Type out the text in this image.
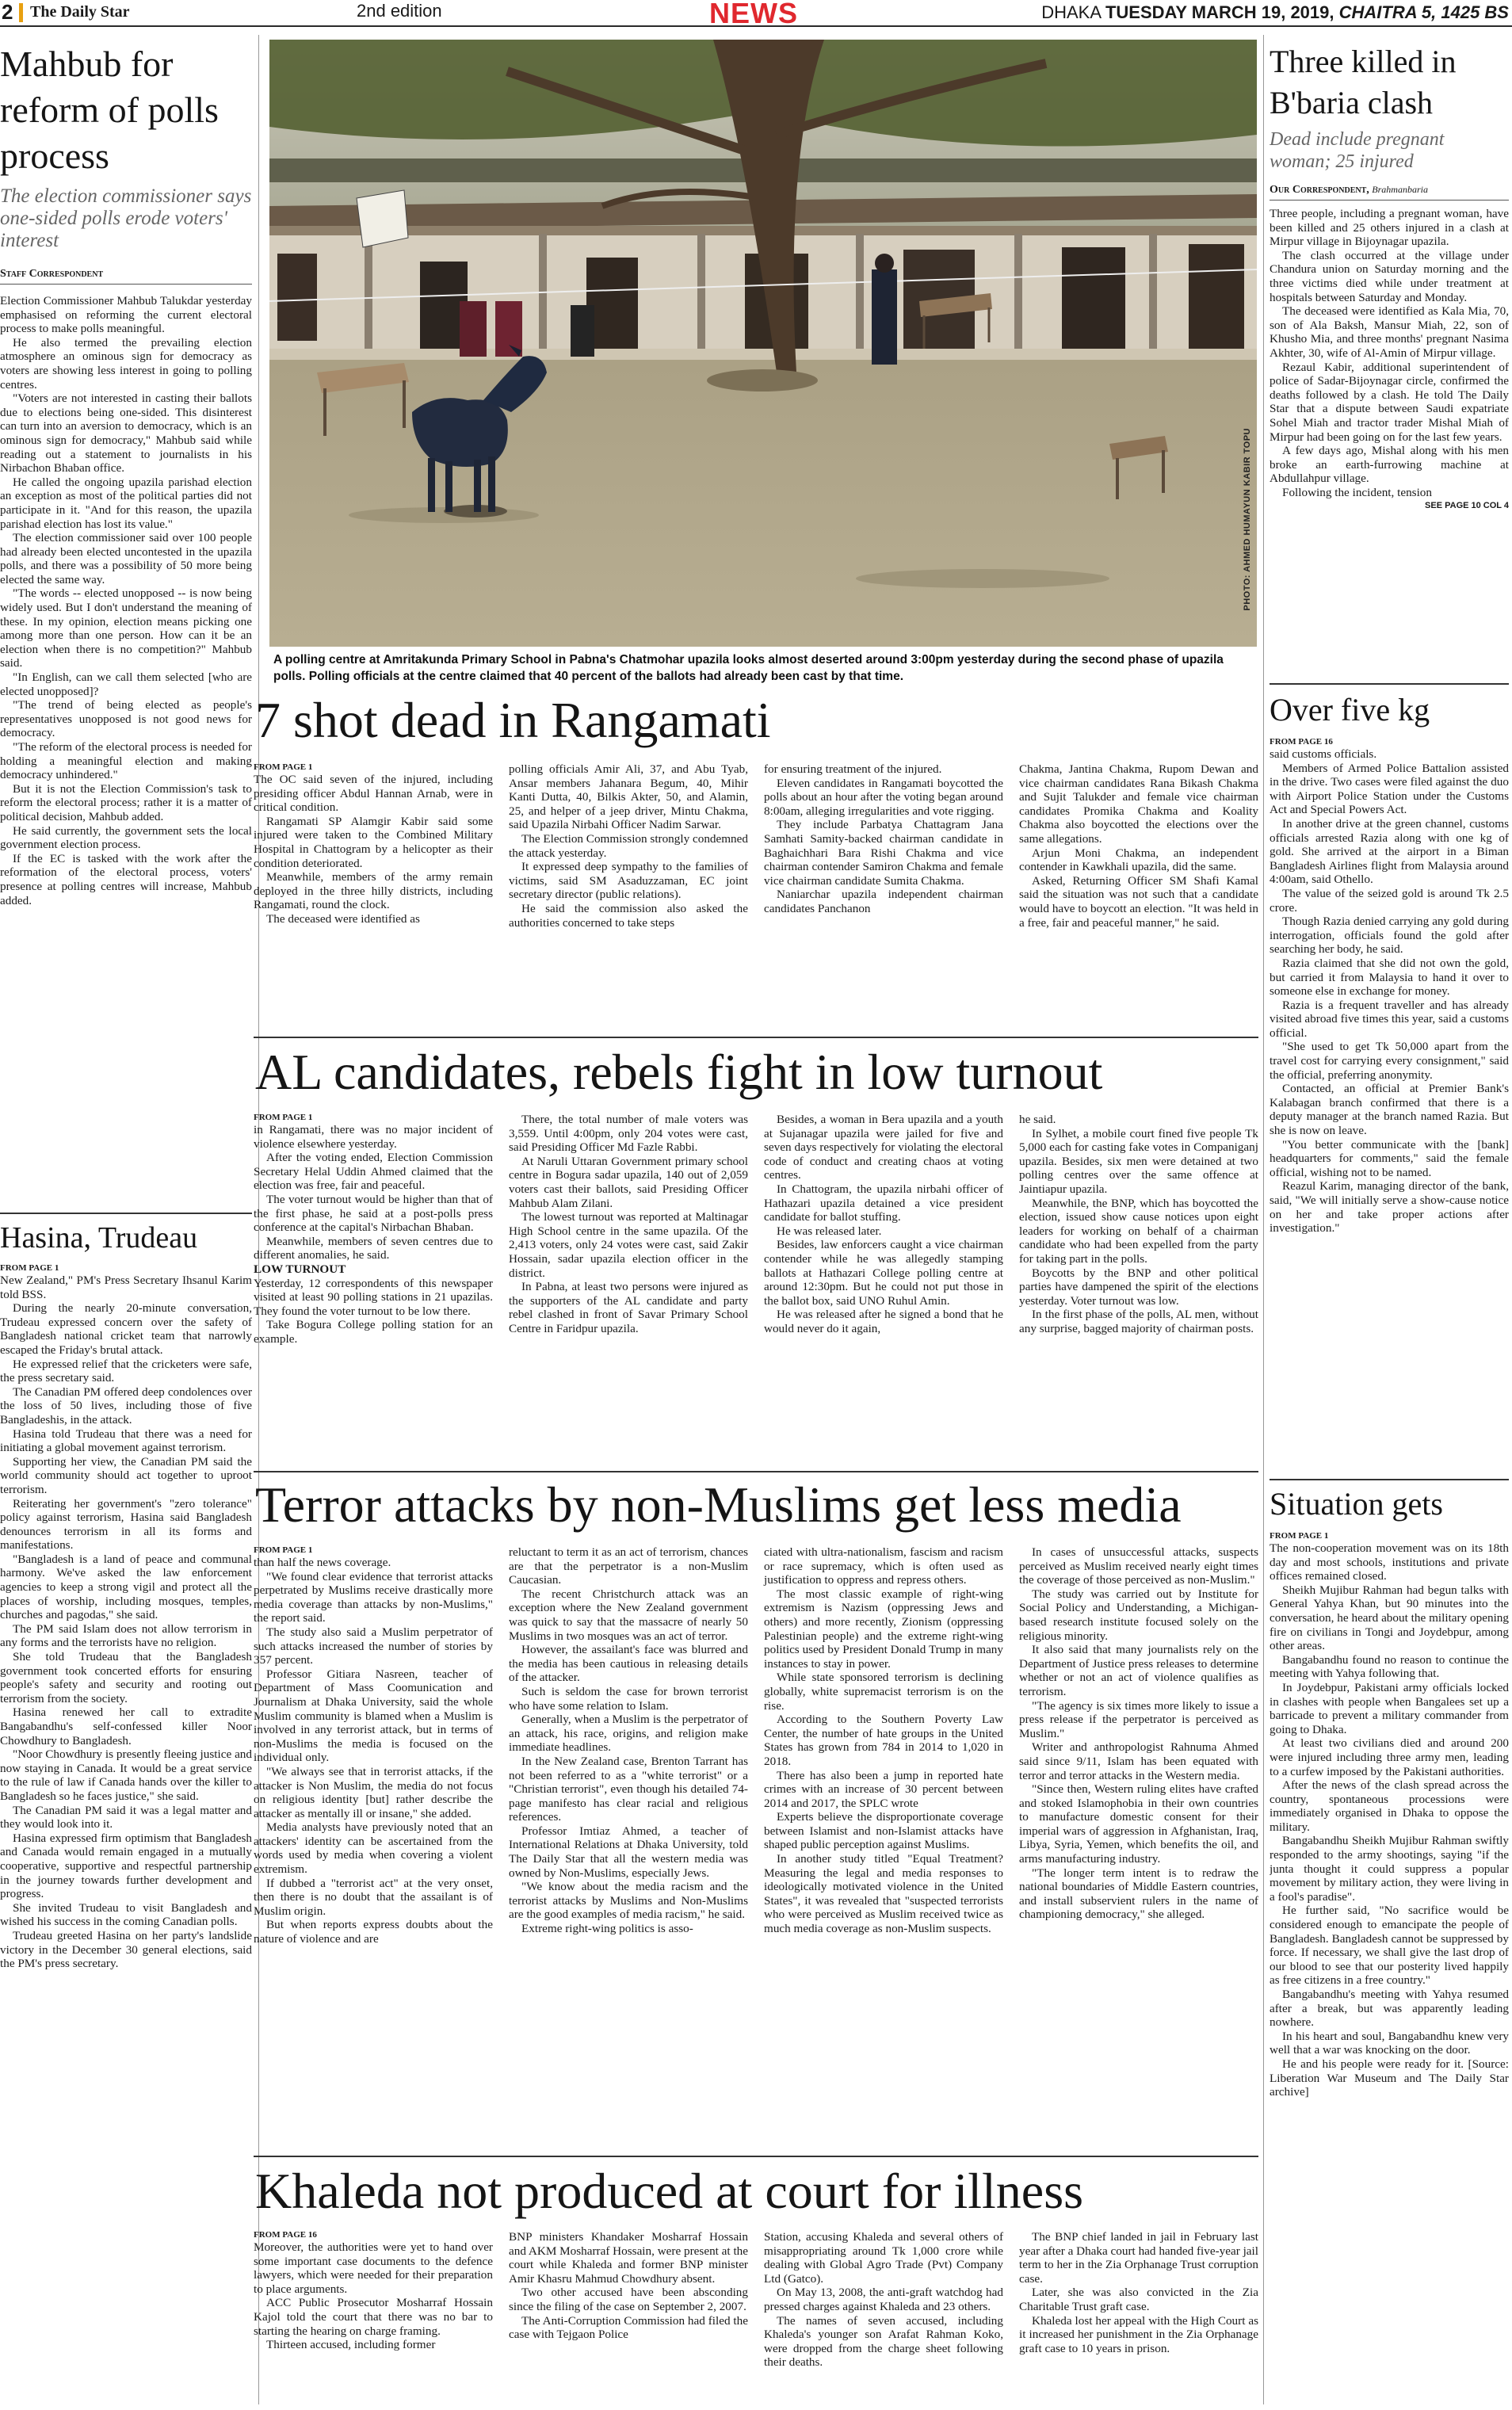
2 The Daily Star	2nd edition	NEWS	DHAKA TUESDAY MARCH 19, 2019, CHAITRA 5, 1425 BS
Mahbub for reform of polls process
The election commissioner says one-sided polls erode voters' interest
Staff Correspondent

Election Commissioner Mahbub Talukdar yesterday emphasised on reforming the current electoral process to make polls meaningful.

He also termed the prevailing election atmosphere an ominous sign for democracy as voters are showing less interest in going to polling centres.

"Voters are not interested in casting their ballots due to elections being one-sided. This disinterest can turn into an aversion to democracy, which is an ominous sign for democracy," Mahbub said while reading out a statement to journalists in his Nirbachon Bhaban office.

He called the ongoing upazila parishad election an exception as most of the political parties did not participate in it. "And for this reason, the upazila parishad election has lost its value."

The election commissioner said over 100 people had already been elected uncontested in the upazila polls, and there was a possibility of 50 more being elected the same way.

"The words -- elected unopposed -- is now being widely used. But I don't understand the meaning of these. In my opinion, election means picking one among more than one person. How can it be an election when there is no competition?" Mahbub said.

"In English, can we call them selected [who are elected unopposed]?

"The trend of being elected as people's representatives unopposed is not good news for democracy.

"The reform of the electoral process is needed for holding a meaningful election and making democracy unhindered."

But it is not the Election Commission's task to reform the electoral process; rather it is a matter of political decision, Mahbub added.

He said currently, the government sets the local government election process.

If the EC is tasked with the work after the reformation of the electoral process, voters' presence at polling centres will increase, Mahbub added.

Hasina, Trudeau
FROM PAGE 1

New Zealand," PM's Press Secretary Ihsanul Karim told BSS.

During the nearly 20-minute conversation, Trudeau expressed concern over the safety of Bangladesh national cricket team that narrowly escaped the Friday's brutal attack.

He expressed relief that the cricketers were safe, the press secretary said.

The Canadian PM offered deep condolences over the loss of 50 lives, including those of five Bangladeshis, in the attack.

Hasina told Trudeau that there was a need for initiating a global movement against terrorism.

Supporting her view, the Canadian PM said the world community should act together to uproot terrorism.

Reiterating her government's "zero tolerance" policy against terrorism, Hasina said Bangladesh denounces terrorism in all its forms and manifestations.

"Bangladesh is a land of peace and communal harmony. We've asked the law enforcement agencies to keep a strong vigil and protect all the places of worship, including mosques, temples, churches and pagodas," she said.

The PM said Islam does not allow terrorism in any forms and the terrorists have no religion.

She told Trudeau that the Bangladesh government took concerted efforts for ensuring people's safety and security and rooting out terrorism from the society.

Hasina renewed her call to extradite Bangabandhu's self-confessed killer Noor Chowdhury to Bangladesh.

"Noor Chowdhury is presently fleeing justice and now staying in Canada. It would be a great service to the rule of law if Canada hands over the killer to Bangladesh so he faces justice," she said.

The Canadian PM said it was a legal matter and they would look into it.

Hasina expressed firm optimism that Bangladesh and Canada would remain engaged in a mutually cooperative, supportive and respectful partnership in the journey towards further development and progress.

She invited Trudeau to visit Bangladesh and wished his success in the coming Canadian polls.

Trudeau greeted Hasina on her party's landslide victory in the December 30 general elections, said the PM's press secretary.

PHOTO: AHMED HUMAYUN KABIR TOPU
A polling centre at Amritakunda Primary School in Pabna's Chatmohar upazila looks almost deserted around 3:00pm yesterday during the second phase of upazila polls. Polling officials at the centre claimed that 40 percent of the ballots had already been cast by that time.
7 shot dead in Rangamati
FROM PAGE 1

The OC said seven of the injured, including presiding officer Abdul Hannan Arnab, were in critical condition.

Rangamati SP Alamgir Kabir said some injured were taken to the Combined Military Hospital in Chattogram by a helicopter as their condition deteriorated.

Meanwhile, members of the army remain deployed in the three hilly districts, including Rangamati, round the clock.

The deceased were identified as

polling officials Amir Ali, 37, and Abu Tyab, Ansar members Jahanara Begum, 40, Mihir Kanti Dutta, 40, Bilkis Akter, 50, and Alamin, 25, and helper of a jeep driver, Mintu Chakma, said Upazila Nirbahi Officer Nadim Sarwar.

The Election Commission strongly condemned the attack yesterday.

It expressed deep sympathy to the families of victims, said SM Asaduzzaman, EC joint secretary director (public relations).

He said the commission also asked the authorities concerned to take steps

for ensuring treatment of the injured.

Eleven candidates in Rangamati boycotted the polls about an hour after the voting began around 8:00am, alleging irregularities and vote rigging.

They include Parbatya Chattagram Jana Samhati Samity-backed chairman candidate in Baghaichhari Bara Rishi Chakma and vice chairman contender Samiron Chakma and female vice chairman candidate Sumita Chakma.

Naniarchar upazila independent chairman candidates Panchanon

Chakma, Jantina Chakma, Rupom Dewan and vice chairman candidates Rana Bikash Chakma and Sujit Talukder and female vice chairman candidates Promika Chakma and Koality Chakma also boycotted the elections over the same allegations.

Arjun Moni Chakma, an independent contender in Kawkhali upazila, did the same.

Asked, Returning Officer SM Shafi Kamal said the situation was not such that a candidate would have to boycott an election. "It was held in a free, fair and peaceful manner," he said.

AL candidates, rebels fight in low turnout
FROM PAGE 1

in Rangamati, there was no major incident of violence elsewhere yesterday.

After the voting ended, Election Commission Secretary Helal Uddin Ahmed claimed that the election was free, fair and peaceful.

The voter turnout would be higher than that of the first phase, he said at a post-polls press conference at the capital's Nirbachan Bhaban.

Meanwhile, members of seven centres due to different anomalies, he said.

LOW TURNOUT

Yesterday, 12 correspondents of this newspaper visited at least 90 polling stations in 21 upazilas. They found the voter turnout to be low there.

Take Bogura College polling station for an example.

There, the total number of male voters was 3,559. Until 4:00pm, only 204 votes were cast, said Presiding Officer Md Fazle Rabbi.

At Naruli Uttaran Government primary school centre in Bogura sadar upazila, 140 out of 2,059 voters cast their ballots, said Presiding Officer Mahbub Alam Zilani.

The lowest turnout was reported at Maltinagar High School centre in the same upazila. Of the 2,413 voters, only 24 votes were cast, said Zakir Hossain, sadar upazila election officer in the district.

In Pabna, at least two persons were injured as the supporters of the AL candidate and party rebel clashed in front of Savar Primary School Centre in Faridpur upazila.

Besides, a woman in Bera upazila and a youth at Sujanagar upazila were jailed for five and seven days respectively for violating the electoral code of conduct and creating chaos at voting centres.

In Chattogram, the upazila nirbahi officer of Hathazari upazila detained a vice president candidate for ballot stuffing.

He was released later.

Besides, law enforcers caught a vice chairman contender while he was allegedly stamping ballots at Hathazari College polling centre at around 12:30pm. But he could not put those in the ballot box, said UNO Ruhul Amin.

He was released after he signed a bond that he would never do it again,

he said.

In Sylhet, a mobile court fined five people Tk 5,000 each for casting fake votes in Companiganj upazila. Besides, six men were detained at two polling centres over the same offence at Jaintiapur upazila.

Meanwhile, the BNP, which has boycotted the election, issued show cause notices upon eight leaders for working on behalf of a chairman candidate who had been expelled from the party for taking part in the polls.

Boycotts by the BNP and other political parties have dampened the spirit of the elections yesterday. Voter turnout was low.

In the first phase of the polls, AL men, without any surprise, bagged majority of chairman posts.

Terror attacks by non-Muslims get less media
FROM PAGE 1

than half the news coverage.

"We found clear evidence that terrorist attacks perpetrated by Muslims receive drastically more media coverage than attacks by non-Muslims," the report said.

The study also said a Muslim perpetrator of such attacks increased the number of stories by 357 percent.

Professor Gitiara Nasreen, teacher of Department of Mass Coomunication and Journalism at Dhaka University, said the whole Muslim community is blamed when a Muslim is involved in any terrorist attack, but in terms of non-Muslims the media is focused on the individual only.

"We always see that in terrorist attacks, if the attacker is Non Muslim, the media do not focus on religious identity [but] rather describe the attacker as mentally ill or insane," she added.

Media analysts have previously noted that an attackers' identity can be ascertained from the words used by media when covering a violent extremism.

If dubbed a "terrorist act" at the very onset, then there is no doubt that the assailant is of Muslim origin.

But when reports express doubts about the nature of violence and are

reluctant to term it as an act of terrorism, chances are that the perpetrator is a non-Muslim Caucasian.

The recent Christchurch attack was an exception where the New Zealand government was quick to say that the massacre of nearly 50 Muslims in two mosques was an act of terror.

However, the assailant's face was blurred and the media has been cautious in releasing details of the attacker.

Such is seldom the case for brown terrorist who have some relation to Islam.

Generally, when a Muslim is the perpetrator of an attack, his race, origins, and religion make immediate headlines.

In the New Zealand case, Brenton Tarrant has not been referred to as a "white terrorist" or a "Christian terrorist", even though his detailed 74-page manifesto has clear racial and religious references.

Professor Imtiaz Ahmed, a teacher of International Relations at Dhaka University, told The Daily Star that all the western media was owned by Non-Muslims, especially Jews.

"We know about the media racism and the terrorist attacks by Muslims and Non-Muslims are the good examples of media racism," he said.

Extreme right-wing politics is asso-

ciated with ultra-nationalism, fascism and racism or race supremacy, which is often used as justification to oppress and repress others.

The most classic example of right-wing extremism is Nazism (oppressing Jews and others) and more recently, Zionism (oppressing Palestinian people) and the extreme right-wing politics used by President Donald Trump in many instances to stay in power.

While state sponsored terrorism is declining globally, white supremacist terrorism is on the rise.

According to the Southern Poverty Law Center, the number of hate groups in the United States has grown from 784 in 2014 to 1,020 in 2018.

There has also been a jump in reported hate crimes with an increase of 30 percent between 2014 and 2017, the SPLC wrote

Experts believe the disproportionate coverage between Islamist and non-Islamist attacks have shaped public perception against Muslims.

In another study titled "Equal Treatment? Measuring the legal and media responses to ideologically motivated violence in the United States", it was revealed that "suspected terrorists who were perceived as Muslim received twice as much media coverage as non-Muslim suspects.

In cases of unsuccessful attacks, suspects perceived as Muslim received nearly eight times the coverage of those perceived as non-Muslim."

The study was carried out by Institute for Social Policy and Understanding, a Michigan-based research institute focused solely on the religious minority.

It also said that many journalists rely on the Department of Justice press releases to determine whether or not an act of violence qualifies as terrorism.

"The agency is six times more likely to issue a press release if the perpetrator is perceived as Muslim."

Writer and anthropologist Rahnuma Ahmed said since 9/11, Islam has been equated with terror and terror attacks in the Western media.

"Since then, Western ruling elites have crafted and stoked Islamophobia in their own countries to manufacture domestic consent for their imperial wars of aggression in Afghanistan, Iraq, Libya, Syria, Yemen, which benefits the oil, and arms manufacturing industry.

"The longer term intent is to redraw the national boundaries of Middle Eastern countries, and install subservient rulers in the name of championing democracy," she alleged.

Khaleda not produced at court for illness
FROM PAGE 16

Moreover, the authorities were yet to hand over some important case documents to the defence lawyers, which were needed for their preparation to place arguments.

ACC Public Prosecutor Mosharraf Hossain Kajol told the court that there was no bar to starting the hearing on charge framing.

Thirteen accused, including former

BNP ministers Khandaker Mosharraf Hossain and AKM Mosharraf Hossain, were present at the court while Khaleda and former BNP minister Amir Khasru Mahmud Chowdhury absent.

Two other accused have been absconding since the filing of the case on September 2, 2007.

The Anti-Corruption Commission had filed the case with Tejgaon Police

Station, accusing Khaleda and several others of misappropriating around Tk 1,000 crore while dealing with Global Agro Trade (Pvt) Company Ltd (Gatco).

On May 13, 2008, the anti-graft watchdog had pressed charges against Khaleda and 23 others.

The names of seven accused, including Khaleda's younger son Arafat Rahman Koko, were dropped from the charge sheet following their deaths.

The BNP chief landed in jail in February last year after a Dhaka court had handed five-year jail term to her in the Zia Orphanage Trust corruption case.

Later, she was also convicted in the Zia Charitable Trust graft case.

Khaleda lost her appeal with the High Court as it increased her punishment in the Zia Orphanage graft case to 10 years in prison.

Three killed in B'baria clash
Dead include pregnant woman; 25 injured
Our Correspondent, Brahmanbaria

Three people, including a pregnant woman, have been killed and 25 others injured in a clash at Mirpur village in Bijoynagar upazila.

The clash occurred at the village under Chandura union on Saturday morning and the three victims died while under treatment at hospitals between Saturday and Monday.

The deceased were identified as Kala Mia, 70, son of Ala Baksh, Mansur Miah, 22, son of Khusho Mia, and three months' pregnant Nasima Akhter, 30, wife of Al-Amin of Mirpur village.

Rezaul Kabir, additional superintendent of police of Sadar-Bijoynagar circle, confirmed the deaths followed by a clash. He told The Daily Star that a dispute between Saudi expatriate Sohel Miah and tractor trader Mishal Miah of Mirpur had been going on for the last few years.

A few days ago, Mishal along with his men broke an earth-furrowing machine at Abdullahpur village.

Following the incident, tension

SEE PAGE 10 COL 4
Over five kg
FROM PAGE 16

said customs officials.

Members of Armed Police Battalion assisted in the drive. Two cases were filed against the duo with Airport Police Station under the Customs Act and Special Powers Act.

In another drive at the green channel, customs officials arrested Razia along with one kg of gold. She arrived at the airport in a Biman Bangladesh Airlines flight from Malaysia around 4:00am, said Othello.

The value of the seized gold is around Tk 2.5 crore.

Though Razia denied carrying any gold during interrogation, officials found the gold after searching her body, he said.

Razia claimed that she did not own the gold, but carried it from Malaysia to hand it over to someone else in exchange for money.

Razia is a frequent traveller and has already visited abroad five times this year, said a customs official.

"She used to get Tk 50,000 apart from the travel cost for carrying every consignment," said the official, preferring anonymity.

Contacted, an official at Premier Bank's Kalabagan branch confirmed that there is a deputy manager at the branch named Razia. But she is now on leave.

"You better communicate with the [bank] headquarters for comments," said the female official, wishing not to be named.

Reazul Karim, managing director of the bank, said, "We will initially serve a show-cause notice on her and take proper actions after investigation."

Situation gets
FROM PAGE 1

The non-cooperation movement was on its 18th day and most schools, institutions and private offices remained closed.

Sheikh Mujibur Rahman had begun talks with General Yahya Khan, but 90 minutes into the conversation, he heard about the military opening fire on civilians in Tongi and Joydebpur, among other areas.

Bangabandhu found no reason to continue the meeting with Yahya following that.

In Joydebpur, Pakistani army officials locked in clashes with people when Bangalees set up a barricade to prevent a military commander from going to Dhaka.

At least two civilians died and around 200 were injured including three army men, leading to a curfew imposed by the Pakistani authorities.

After the news of the clash spread across the country, spontaneous processions were immediately organised in Dhaka to oppose the military.

Bangabandhu Sheikh Mujibur Rahman swiftly responded to the army shootings, saying "if the junta thought it could suppress a popular movement by military action, they were living in a fool's paradise".

He further said, "No sacrifice would be considered enough to emancipate the people of Bangladesh. Bangladesh cannot be suppressed by force. If necessary, we shall give the last drop of our blood to see that our posterity lived happily as free citizens in a free country."

Bangabandhu's meeting with Yahya resumed after a break, but was apparently leading nowhere.

In his heart and soul, Bangabandhu knew very well that a war was knocking on the door.

He and his people were ready for it. [Source: Liberation War Museum and The Daily Star archive]
